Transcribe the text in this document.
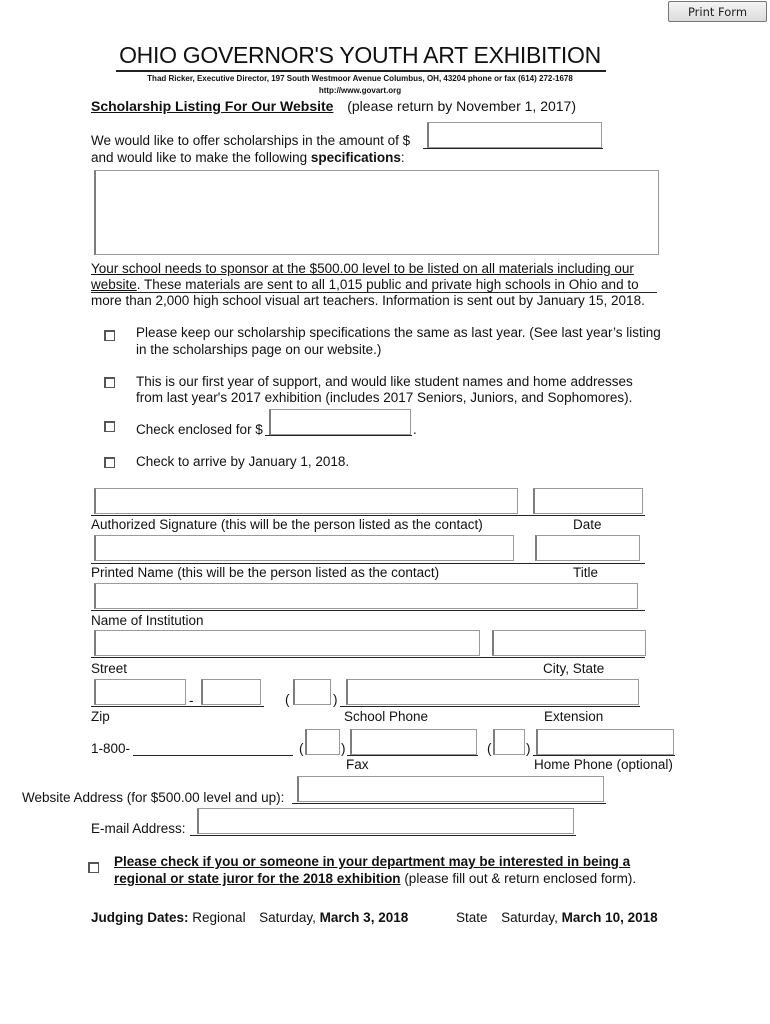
Print Form
OHIO GOVERNOR'S YOUTH ART EXHIBITION
Thad Ricker, Executive Director, 197 South Westmoor Avenue Columbus, OH, 43204 phone or fax (614) 272-1678
http://www.govart.org
Scholarship Listing For Our Website (please return by November 1, 2017)
We would like to offer scholarships in the amount of $
and would like to make the following specifications:
Your school needs to sponsor at the $500.00 level to be listed on all materials including our
website. These materials are sent to all 1,015 public and private high schools in Ohio and to
more than 2,000 high school visual art teachers. Information is sent out by January 15, 2018.
Please keep our scholarship specifications the same as last year. (See last year’s listing
in the scholarships page on our website.)
This is our first year of support, and would like student names and home addresses
from last year's 2017 exhibition (includes 2017 Seniors, Juniors, and Sophomores).
Check enclosed for $	.
Check to arrive by January 1, 2018.
Authorized Signature (this will be the person listed as the contact)	Date
Printed Name (this will be the person listed as the contact)	Title
Name of Institution
Street	City, State
-	(	)
Zip	School Phone	Extension
1-800-	(	)	(	)
Fax	Home Phone (optional)
Website Address (for $500.00 level and up):
E-mail Address:
Please check if you or someone in your department may be interested in being a
regional or state juror for the 2018 exhibition (please fill out & return enclosed form).
Judging Dates: Regional Saturday, March 3, 2018	State Saturday, March 10, 2018
